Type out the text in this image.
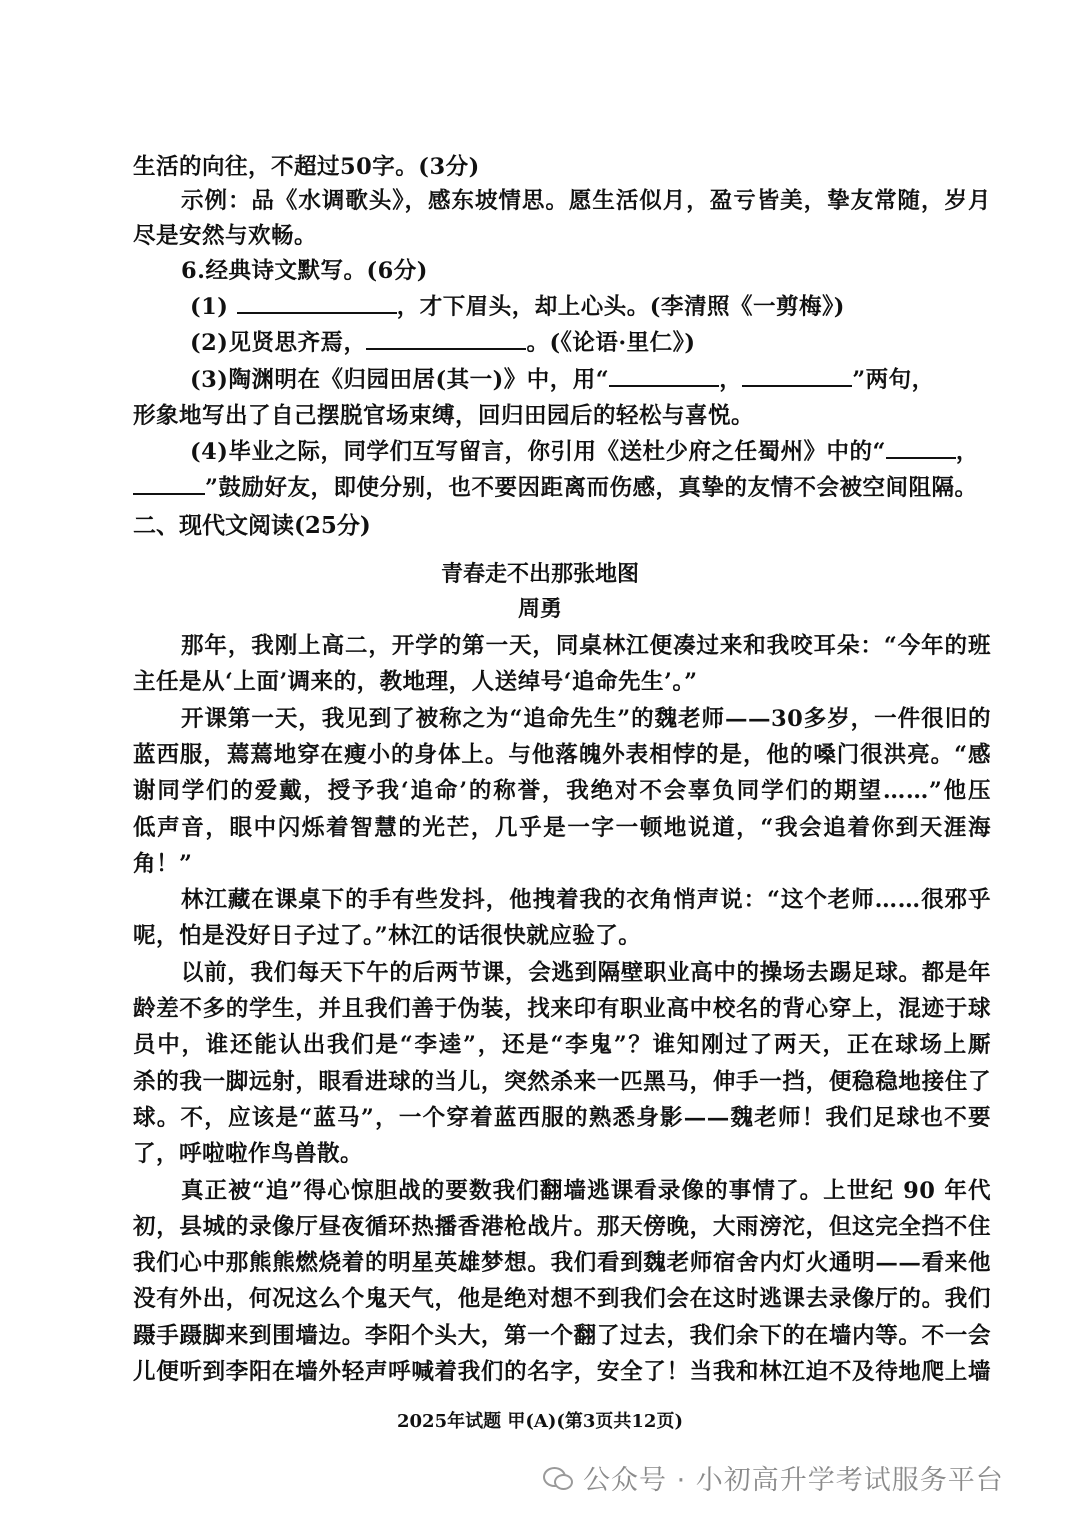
生活的向往，不超过50字。(3分)
示例：品《水调歌头》，感东坡情思。愿生活似月，盈亏皆美，挚友常随，岁月
尽是安然与欢畅。
6.经典诗文默写。(6分)
(1)	，才下眉头，却上心头。(李清照《一剪梅》)
(2)见贤思齐焉，	。(《论语·里仁》)
(3)陶渊明在《归园田居(其一)》中，用“	，	”两句，
形象地写出了自己摆脱官场束缚，回归田园后的轻松与喜悦。
(4)毕业之际，同学们互写留言，你引用《送杜少府之任蜀州》中的“	，
”鼓励好友，即使分别，也不要因距离而伤感，真挚的友情不会被空间阻隔。
二、现代文阅读(25分)
青春走不出那张地图
周勇
那年，我刚上高二，开学的第一天，同桌林江便凑过来和我咬耳朵：“今年的班
主任是从‘上面’调来的，教地理，人送绰号‘追命先生’。”
开课第一天，我见到了被称之为“追命先生”的魏老师——30多岁，一件很旧的
蓝西服，蔫蔫地穿在瘦小的身体上。与他落魄外表相悖的是，他的嗓门很洪亮。“感
谢同学们的爱戴，授予我‘追命’的称誉，我绝对不会辜负同学们的期望……”他压
低声音，眼中闪烁着智慧的光芒，几乎是一字一顿地说道，“我会追着你到天涯海
角！”
林江藏在课桌下的手有些发抖，他拽着我的衣角悄声说：“这个老师……很邪乎
呢，怕是没好日子过了。”林江的话很快就应验了。
以前，我们每天下午的后两节课，会逃到隔壁职业高中的操场去踢足球。都是年
龄差不多的学生，并且我们善于伪装，找来印有职业高中校名的背心穿上，混迹于球
员中，谁还能认出我们是“李逵”，还是“李鬼”？谁知刚过了两天，正在球场上厮
杀的我一脚远射，眼看进球的当儿，突然杀来一匹黑马，伸手一挡，便稳稳地接住了
球。不，应该是“蓝马”，一个穿着蓝西服的熟悉身影——魏老师！我们足球也不要
了，呼啦啦作鸟兽散。
真正被“追”得心惊胆战的要数我们翻墙逃课看录像的事情了。上世纪 90 年代
初，县城的录像厅昼夜循环热播香港枪战片。那天傍晚，大雨滂沱，但这完全挡不住
我们心中那熊熊燃烧着的明星英雄梦想。我们看到魏老师宿舍内灯火通明——看来他
没有外出，何况这么个鬼天气，他是绝对想不到我们会在这时逃课去录像厅的。我们
蹑手蹑脚来到围墙边。李阳个头大，第一个翻了过去，我们余下的在墙内等。不一会
儿便听到李阳在墙外轻声呼喊着我们的名字，安全了！当我和林江迫不及待地爬上墙
2025年试题 甲(A)(第3页共12页)
公众号 · 小初高升学考试服务平台
